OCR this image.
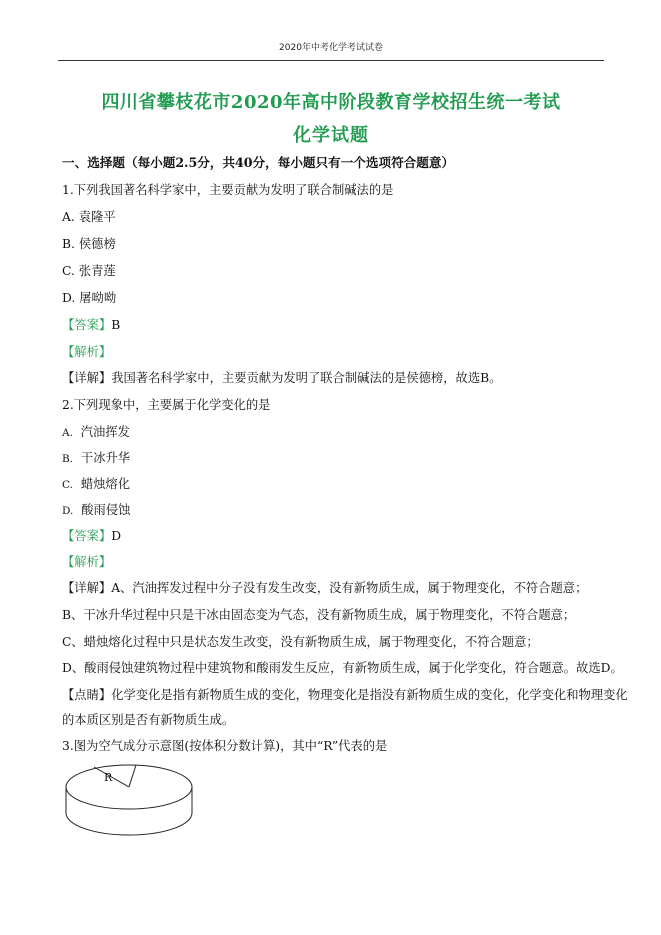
2020年中考化学考试试卷
四川省攀枝花市2020年高中阶段教育学校招生统一考试
化学试题
一、选择题（每小题2.5分，共40分，每小题只有一个选项符合题意）
1.下列我国著名科学家中，主要贡献为发明了联合制碱法的是
A. 袁隆平
B. 侯德榜
C. 张青莲
D. 屠呦呦
【答案】B
【解析】
【详解】我国著名科学家中，主要贡献为发明了联合制碱法的是侯德榜，故选B。
2.下列现象中，主要属于化学变化的是
A. 汽油挥发
B. 干冰升华
C. 蜡烛熔化
D. 酸雨侵蚀
【答案】D
【解析】
【详解】A、汽油挥发过程中分子没有发生改变，没有新物质生成，属于物理变化，不符合题意；
B、干冰升华过程中只是干冰由固态变为气态，没有新物质生成，属于物理变化，不符合题意；
C、蜡烛熔化过程中只是状态发生改变，没有新物质生成，属于物理变化，不符合题意；
D、酸雨侵蚀建筑物过程中建筑物和酸雨发生反应，有新物质生成，属于化学变化，符合题意。故选D。
【点睛】化学变化是指有新物质生成的变化，物理变化是指没有新物质生成的变化，化学变化和物理变化
的本质区别是否有新物质生成。
3.图为空气成分示意图(按体积分数计算)，其中“R”代表的是
R
